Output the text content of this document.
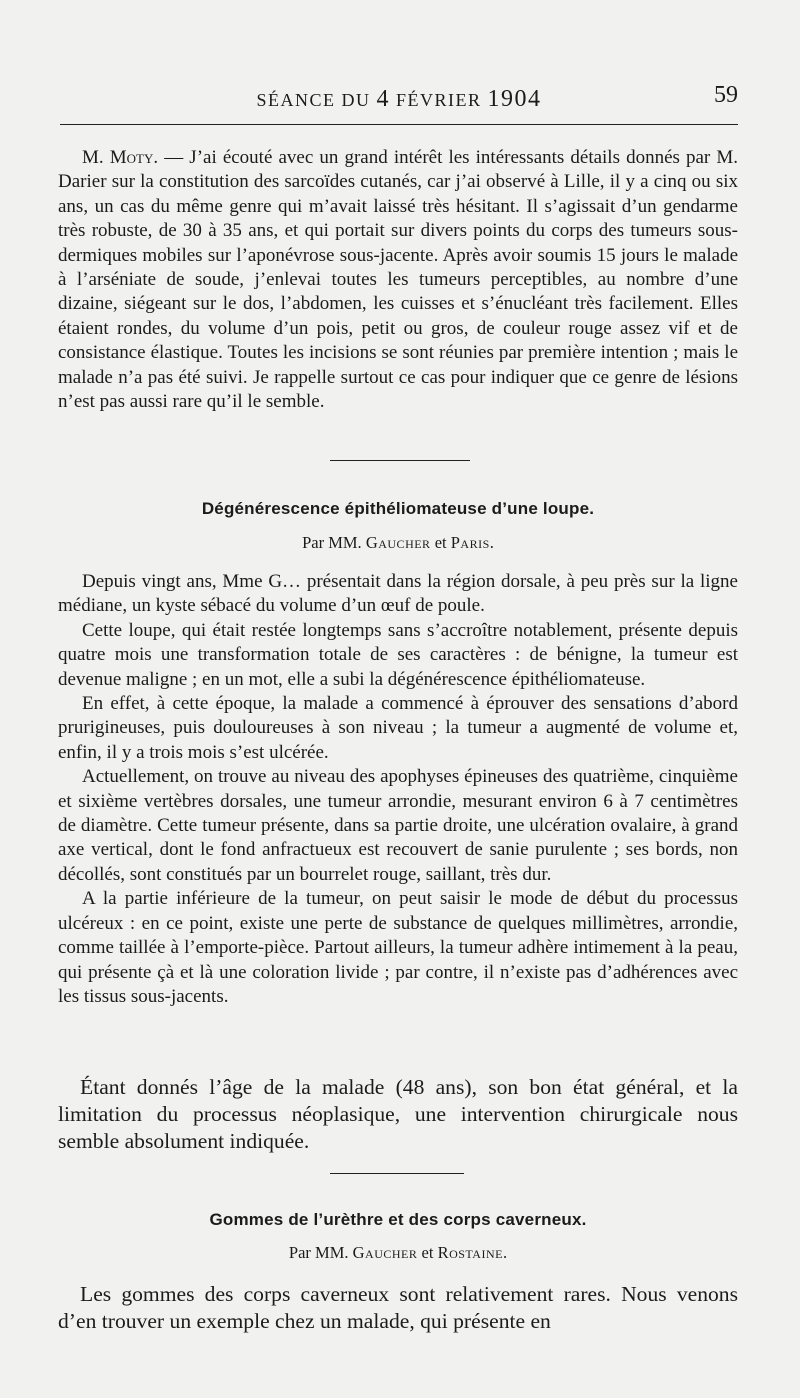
SÉANCE DU 4 FÉVRIER 1904	59

M. Moty. — J’ai écouté avec un grand intérêt les intéressants détails donnés par M. Darier sur la constitution des sarcoïdes cutanés, car j’ai observé à Lille, il y a cinq ou six ans, un cas du même genre qui m’avait laissé très hésitant. Il s’agissait d’un gendarme très robuste, de 30 à 35 ans, et qui portait sur divers points du corps des tumeurs sous-dermiques mobiles sur l’aponévrose sous-jacente. Après avoir soumis 15 jours le malade à l’arséniate de soude, j’enlevai toutes les tumeurs perceptibles, au nombre d’une dizaine, siégeant sur le dos, l’abdomen, les cuisses et s’énucléant très facilement. Elles étaient rondes, du volume d’un pois, petit ou gros, de couleur rouge assez vif et de consistance élastique. Toutes les incisions se sont réunies par première intention ; mais le malade n’a pas été suivi. Je rappelle surtout ce cas pour indiquer que ce genre de lésions n’est pas aussi rare qu’il le semble.

Dégénérescence épithéliomateuse d’une loupe.
Par MM. Gaucher et Paris.

Depuis vingt ans, Mme G… présentait dans la région dorsale, à peu près sur la ligne médiane, un kyste sébacé du volume d’un œuf de poule.

Cette loupe, qui était restée longtemps sans s’accroître notablement, présente depuis quatre mois une transformation totale de ses caractères : de bénigne, la tumeur est devenue maligne ; en un mot, elle a subi la dégénérescence épithéliomateuse.

En effet, à cette époque, la malade a commencé à éprouver des sensations d’abord prurigineuses, puis douloureuses à son niveau ; la tumeur a augmenté de volume et, enfin, il y a trois mois s’est ulcérée.

Actuellement, on trouve au niveau des apophyses épineuses des quatrième, cinquième et sixième vertèbres dorsales, une tumeur arrondie, mesurant environ 6 à 7 centimètres de diamètre. Cette tumeur présente, dans sa partie droite, une ulcération ovalaire, à grand axe vertical, dont le fond anfractueux est recouvert de sanie purulente ; ses bords, non décollés, sont constitués par un bourrelet rouge, saillant, très dur.

A la partie inférieure de la tumeur, on peut saisir le mode de début du processus ulcéreux : en ce point, existe une perte de substance de quelques millimètres, arrondie, comme taillée à l’emporte-pièce. Partout ailleurs, la tumeur adhère intimement à la peau, qui présente çà et là une coloration livide ; par contre, il n’existe pas d’adhérences avec les tissus sous-jacents.

Étant donnés l’âge de la malade (48 ans), son bon état général, et la limitation du processus néoplasique, une intervention chirurgicale nous semble absolument indiquée.

Gommes de l’urèthre et des corps caverneux.
Par MM. Gaucher et Rostaine.

Les gommes des corps caverneux sont relativement rares. Nous venons d’en trouver un exemple chez un malade, qui présente en
